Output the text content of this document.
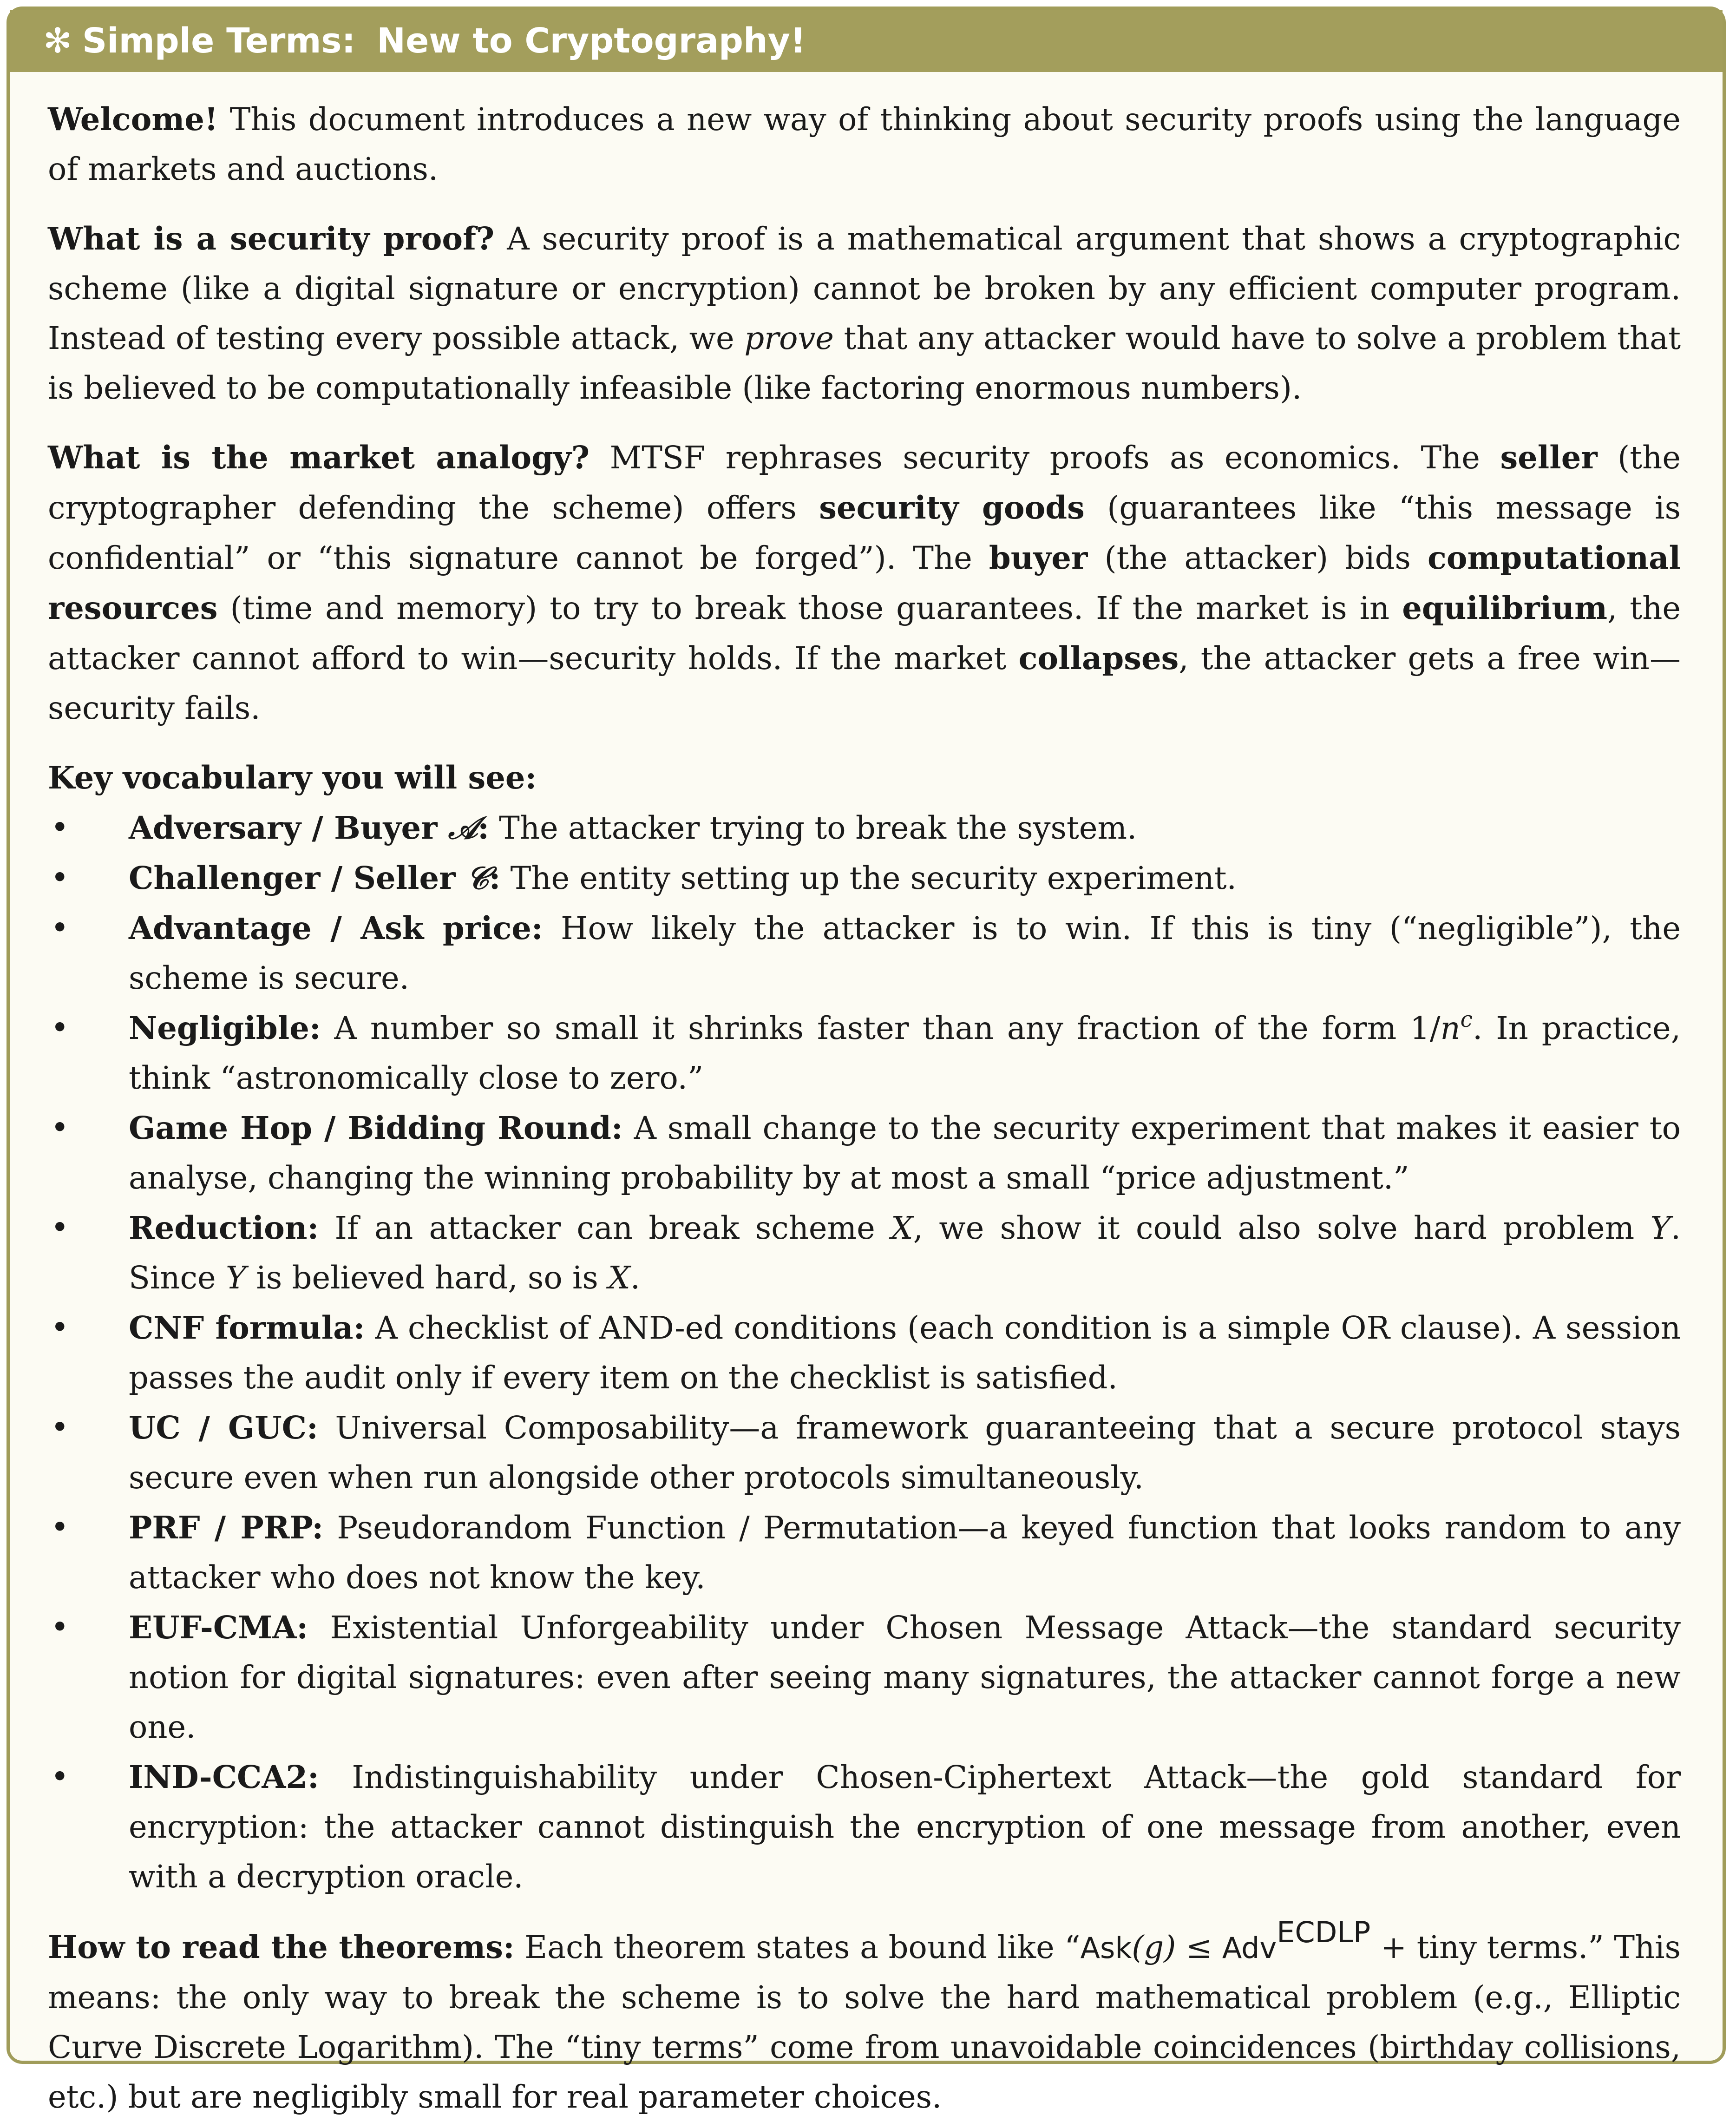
✻ Simple Terms: New to Cryptography!

Welcome! This document introduces a new way of thinking about security proofs using the language of markets and auctions.

What is a security proof? A security proof is a mathematical argument that shows a cryptographic scheme (like a digital signature or encryption) cannot be broken by any efficient computer program. Instead of testing every possible attack, we prove that any attacker would have to solve a problem that is believed to be computationally infeasible (like factoring enormous numbers).

What is the market analogy? MTSF rephrases security proofs as economics. The seller (the cryptographer defending the scheme) offers security goods (guarantees like “this message is confidential” or “this signature cannot be forged”). The buyer (the attacker) bids computational resources (time and memory) to try to break those guarantees. If the market is in equilibrium, the attacker cannot afford to win—security holds. If the market collapses, the attacker gets a free win—security fails.

Key vocabulary you will see:

• Adversary / Buyer 𝒜: The attacker trying to break the system.
• Challenger / Seller 𝒞: The entity setting up the security experiment.
• Advantage / Ask price: How likely the attacker is to win. If this is tiny (“negligible”), the scheme is secure.
• Negligible: A number so small it shrinks faster than any fraction of the form $1/n^c$. In practice, think “astronomically close to zero.”
• Game Hop / Bidding Round: A small change to the security experiment that makes it easier to analyse, changing the winning probability by at most a small “price adjustment.”
• Reduction: If an attacker can break scheme X, we show it could also solve hard problem Y. Since Y is believed hard, so is X.
• CNF formula: A checklist of AND-ed conditions (each condition is a simple OR clause). A session passes the audit only if every item on the checklist is satisfied.
• UC / GUC: Universal Composability—a framework guaranteeing that a secure protocol stays secure even when run alongside other protocols simultaneously.
• PRF / PRP: Pseudorandom Function / Permutation—a keyed function that looks random to any attacker who does not know the key.
• EUF-CMA: Existential Unforgeability under Chosen Message Attack—the standard security notion for digital signatures: even after seeing many signatures, the attacker cannot forge a new one.
• IND-CCA2: Indistinguishability under Chosen-Ciphertext Attack—the gold standard for encryption: the attacker cannot distinguish the encryption of one message from another, even with a decryption oracle.

How to read the theorems: Each theorem states a bound like “Ask(g) ≤ Adv$^{ECDLP}$ + tiny terms.” This means: the only way to break the scheme is to solve the hard mathematical problem (e.g., Elliptic Curve Discrete Logarithm). The “tiny terms” come from unavoidable coincidences (birthday collisions, etc.) but are negligibly small for real parameter choices.
